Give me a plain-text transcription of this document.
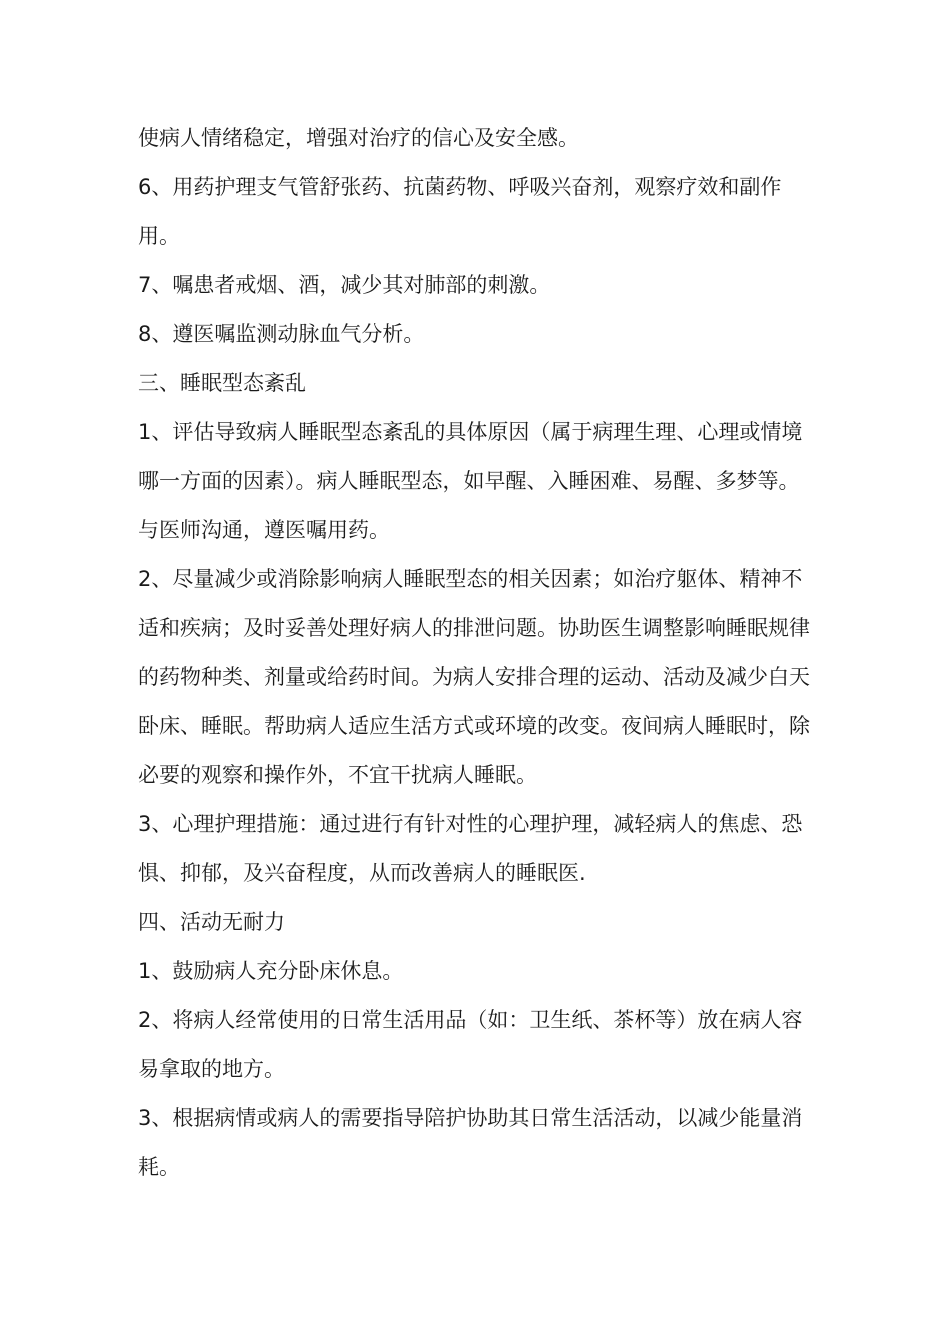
使病人情绪稳定，增强对治疗的信心及安全感。

6、用药护理支气管舒张药、抗菌药物、呼吸兴奋剂，观察疗效和副作用。

7、嘱患者戒烟、酒，减少其对肺部的刺激。

8、遵医嘱监测动脉血气分析。

三、睡眠型态紊乱

1、评估导致病人睡眠型态紊乱的具体原因（属于病理生理、心理或情境哪一方面的因素）。病人睡眠型态，如早醒、入睡困难、易醒、多梦等。与医师沟通，遵医嘱用药。

2、尽量减少或消除影响病人睡眠型态的相关因素；如治疗躯体、精神不适和疾病；及时妥善处理好病人的排泄问题。协助医生调整影响睡眠规律的药物种类、剂量或给药时间。为病人安排合理的运动、活动及减少白天卧床、睡眠。帮助病人适应生活方式或环境的改变。夜间病人睡眠时，除必要的观察和操作外，不宜干扰病人睡眠。

3、心理护理措施：通过进行有针对性的心理护理，减轻病人的焦虑、恐惧、抑郁，及兴奋程度，从而改善病人的睡眠医.

四、活动无耐力

1、鼓励病人充分卧床休息。

2、将病人经常使用的日常生活用品（如：卫生纸、茶杯等）放在病人容易拿取的地方。

3、根据病情或病人的需要指导陪护协助其日常生活活动，以减少能量消耗。
